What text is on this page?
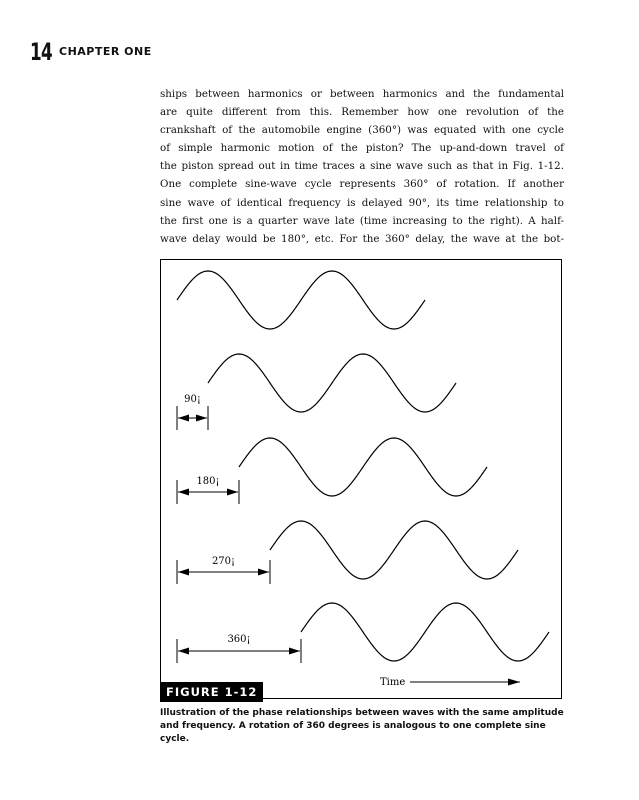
14 CHAPTER ONE
ships between harmonics or between harmonics and the fundamental
are quite different from this. Remember how one revolution of the
crankshaft of the automobile engine (360°) was equated with one cycle
of simple harmonic motion of the piston? The up-and-down travel of
the piston spread out in time traces a sine wave such as that in Fig. 1-12.
One complete sine-wave cycle represents 360° of rotation. If another
sine wave of identical frequency is delayed 90°, its time relationship to
the first one is a quarter wave late (time increasing to the right). A half-
wave delay would be 180°, etc. For the 360° delay, the wave at the bot-
90¡
180¡
270¡
360¡
Time
FIGURE 1-12

Illustration of the phase relationships between waves with the same amplitude and frequency. A rotation of 360 degrees is analogous to one complete sine cycle.
